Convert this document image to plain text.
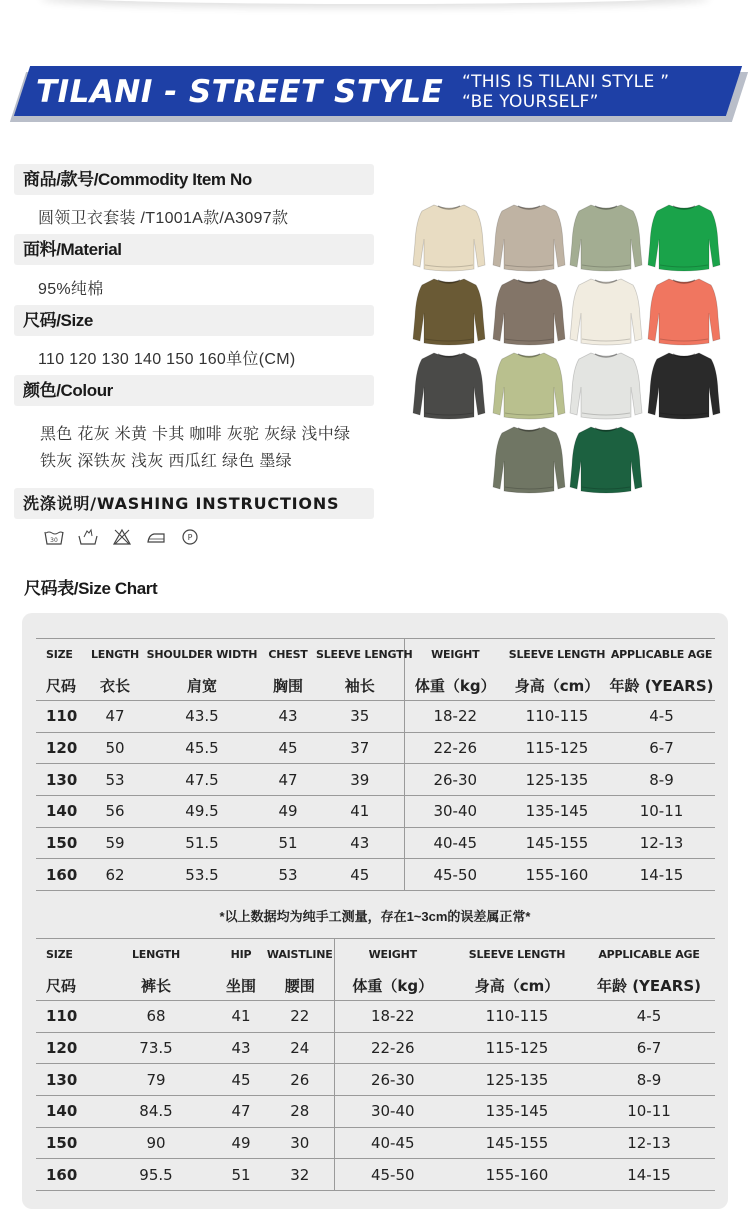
TILANI - STREET STYLE “THIS IS TILANI STYLE ”
“BE YOURSELF”
商品/款号/Commodity Item No
圆领卫衣套装 /T1001A款/A3097款
面料/Material
95%纯棉
尺码/Size
110 120 130 140 150 160单位(CM)
颜色/Colour
黑色 花灰 米黄 卡其 咖啡 灰驼 灰绿 浅中绿
铁灰 深铁灰 浅灰 西瓜红 绿色 墨绿
洗涤说明/WASHING INSTRUCTIONS
30	P
尺码表/Size Chart
SIZE	LENGTH	SHOULDER WIDTH	CHEST	SLEEVE LENGTH	WEIGHT	SLEEVE LENGTH	APPLICABLE AGE
尺码	衣长	肩宽	胸围	袖长	体重（kg）	身高（cm）	年龄 (YEARS)
110	47	43.5	43	35	18-22	110-115	4-5
120	50	45.5	45	37	22-26	115-125	6-7
130	53	47.5	47	39	26-30	125-135	8-9
140	56	49.5	49	41	30-40	135-145	10-11
150	59	51.5	51	43	40-45	145-155	12-13
160	62	53.5	53	45	45-50	155-160	14-15
*以上数据均为纯手工测量，存在1~3cm的误差属正常*
SIZE	LENGTH	HIP	WAISTLINE	WEIGHT	SLEEVE LENGTH	APPLICABLE AGE
尺码	裤长	坐围	腰围	体重（kg）	身高（cm）	年龄 (YEARS)
110	68	41	22	18-22	110-115	4-5
120	73.5	43	24	22-26	115-125	6-7
130	79	45	26	26-30	125-135	8-9
140	84.5	47	28	30-40	135-145	10-11
150	90	49	30	40-45	145-155	12-13
160	95.5	51	32	45-50	155-160	14-15
